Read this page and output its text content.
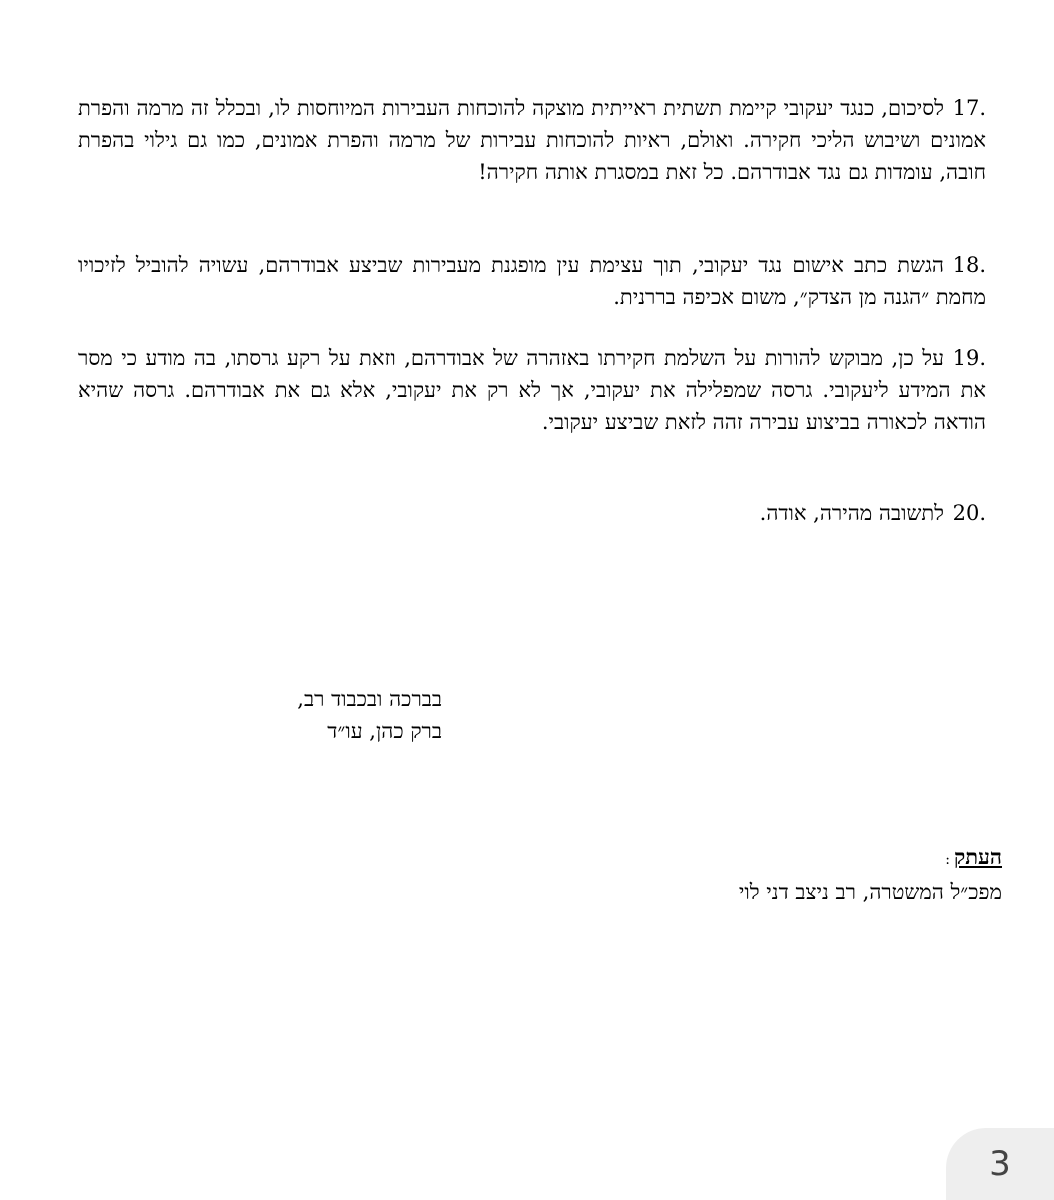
17.לסיכום, כנגד יעקובי קיימת תשתית ראייתית מוצקה להוכחות העבירות המיוחסות לו, ובכלל זה מרמה והפרת אמונים ושיבוש הליכי חקירה. ואולם, ראיות להוכחות עבירות של מרמה והפרת אמונים, כמו גם גילוי בהפרת חובה, עומדות גם נגד אבודרהם. כל זאת במסגרת אותה חקירה!
18.הגשת כתב אישום נגד יעקובי, תוך עצימת עין מופגנת מעבירות שביצע אבודרהם, עשויה להוביל לזיכויו מחמת ״הגנה מן הצדק״, משום אכיפה בררנית.
19.על כן, מבוקש להורות על השלמת חקירתו באזהרה של אבודרהם, וזאת על רקע גרסתו, בה מודע כי מסר את המידע ליעקובי. גרסה שמפלילה את יעקובי, אך לא רק את יעקובי, אלא גם את אבודרהם. גרסה שהיא הודאה לכאורה בביצוע עבירה זהה לזאת שביצע יעקובי.
20.לתשובה מהירה, אודה.
בברכה ובכבוד רב,
ברק כהן, עו״ד
העתק:
מפכ״ל המשטרה, רב ניצב דני לוי
3
